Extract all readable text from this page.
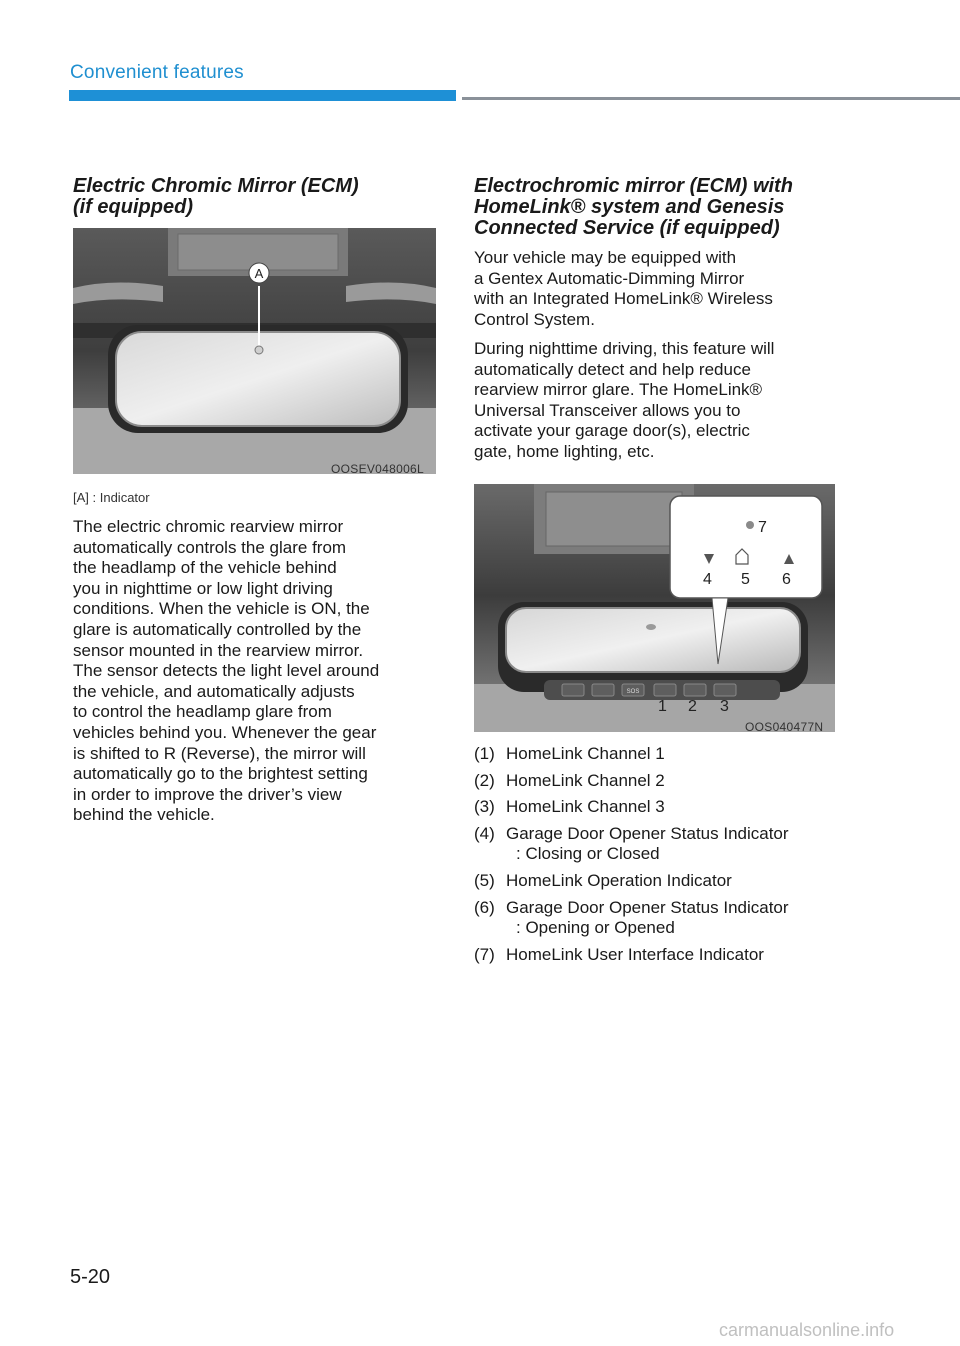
Convenient features
Electric Chromic Mirror (ECM)
(if equipped)
A
OOSEV048006L
[A] : Indicator
The electric chromic rearview mirror
automatically controls the glare from
the headlamp of the vehicle behind
you in nighttime or low light driving
conditions. When the vehicle is ON, the
glare is automatically controlled by the
sensor mounted in the rearview mirror.
The sensor detects the light level around
the vehicle, and automatically adjusts
to control the headlamp glare from
vehicles behind you. Whenever the gear
is shifted to R (Reverse), the mirror will
automatically go to the brightest setting
in order to improve the driver’s view
behind the vehicle.
Electrochromic mirror (ECM) with
HomeLink® system and Genesis
Connected Service (if equipped)
Your vehicle may be equipped with
a Gentex Automatic-Dimming Mirror
with an Integrated HomeLink® Wireless
Control System.
During nighttime driving, this feature will
automatically detect and help reduce
rearview mirror glare. The HomeLink®
Universal Transceiver allows you to
activate your garage door(s), electric
gate, home lighting, etc.
SOS
7
4 5 6
1 2 3
OOS040477N
(1) HomeLink Channel 1
(2) HomeLink Channel 2
(3) HomeLink Channel 3
(4) Garage Door Opener Status Indicator
: Closing or Closed
(5) HomeLink Operation Indicator
(6) Garage Door Opener Status Indicator
: Opening or Opened
(7) HomeLink User Interface Indicator
5-20
carmanualsonline.info
